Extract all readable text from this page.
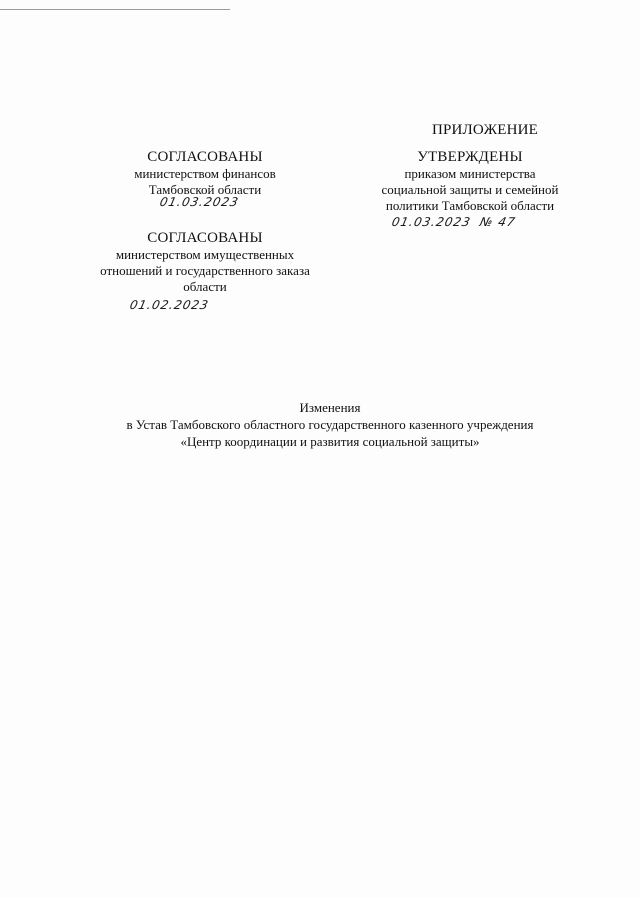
ПРИЛОЖЕНИЕ
УТВЕРЖДЕНЫ
приказом министерства
социальной защиты и семейной
политики Тамбовской области
01.03.2023 № 47
СОГЛАСОВАНЫ
министерством финансов
Тамбовской области
01.03.2023
СОГЛАСОВАНЫ
министерством имущественных
отношений и государственного заказа
области
01.02.2023
Изменения
в Устав Тамбовского областного государственного казенного учреждения
«Центр координации и развития социальной защиты»
